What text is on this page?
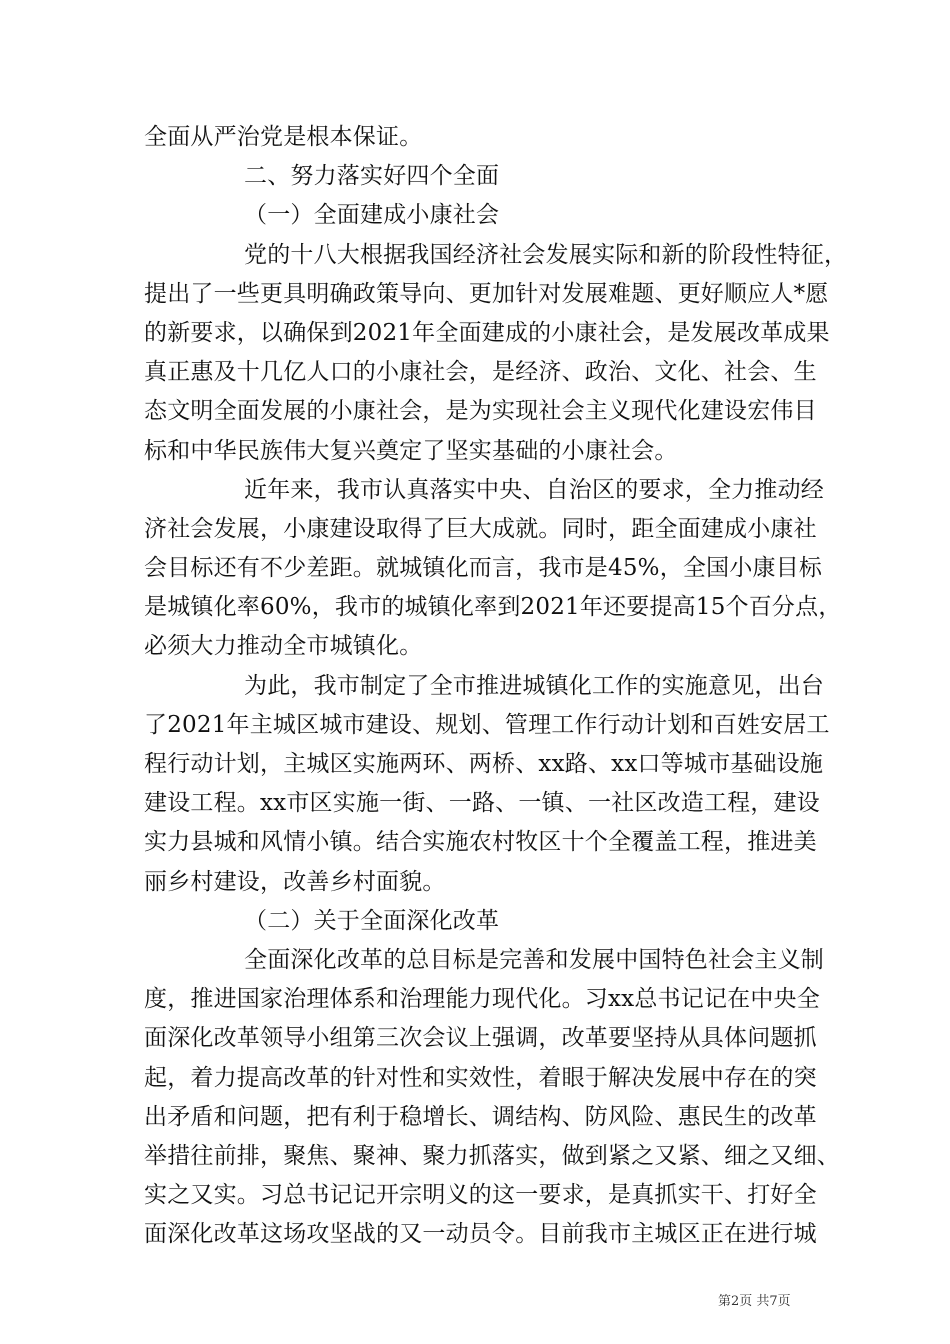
全面从严治党是根本保证。
二、努力落实好四个全面
（一）全面建成小康社会
党的十八大根据我国经济社会发展实际和新的阶段性特征，
提出了一些更具明确政策导向、更加针对发展难题、更好顺应人*愿
的新要求，以确保到2021年全面建成的小康社会，是发展改革成果
真正惠及十几亿人口的小康社会，是经济、政治、文化、社会、生
态文明全面发展的小康社会，是为实现社会主义现代化建设宏伟目
标和中华民族伟大复兴奠定了坚实基础的小康社会。
近年来，我市认真落实中央、自治区的要求，全力推动经
济社会发展，小康建设取得了巨大成就。同时，距全面建成小康社
会目标还有不少差距。就城镇化而言，我市是45%，全国小康目标
是城镇化率60%，我市的城镇化率到2021年还要提高15个百分点，
必须大力推动全市城镇化。
为此，我市制定了全市推进城镇化工作的实施意见，出台
了2021年主城区城市建设、规划、管理工作行动计划和百姓安居工
程行动计划，主城区实施两环、两桥、xx路、xx口等城市基础设施
建设工程。xx市区实施一街、一路、一镇、一社区改造工程，建设
实力县城和风情小镇。结合实施农村牧区十个全覆盖工程，推进美
丽乡村建设，改善乡村面貌。
（二）关于全面深化改革
全面深化改革的总目标是完善和发展中国特色社会主义制
度，推进国家治理体系和治理能力现代化。习xx总书记记在中央全
面深化改革领导小组第三次会议上强调，改革要坚持从具体问题抓
起，着力提高改革的针对性和实效性，着眼于解决发展中存在的突
出矛盾和问题，把有利于稳增长、调结构、防风险、惠民生的改革
举措往前排，聚焦、聚神、聚力抓落实，做到紧之又紧、细之又细、
实之又实。习总书记记开宗明义的这一要求，是真抓实干、打好全
面深化改革这场攻坚战的又一动员令。目前我市主城区正在进行城
第2页 共7页
